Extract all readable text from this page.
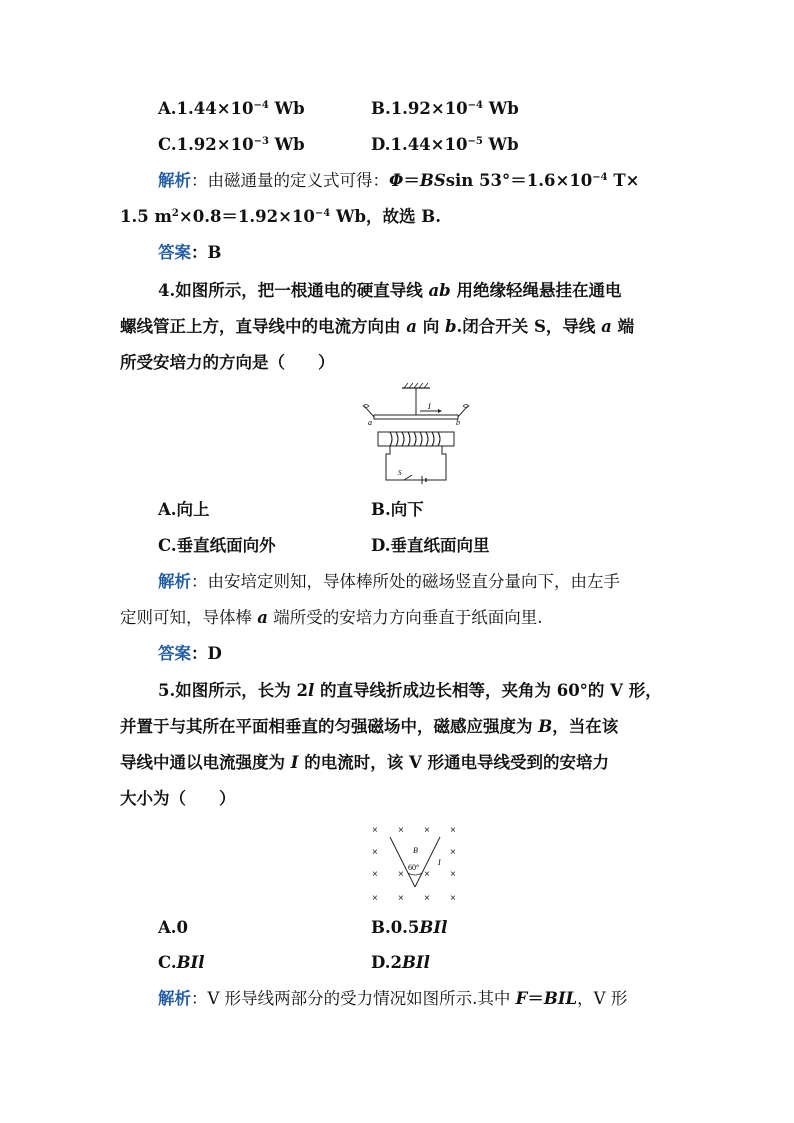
$A.1.44\times 10^{-4}$ Wb	$B.1.92\times 10^{-4}$ Wb
$C.1.92\times 10^{-3}$ Wb	$D.1.44\times 10^{-5}$ Wb
解析：由磁通量的定义式可得：Φ＝BSsin $53^\circ=1.6\times 10^{-4}$ T×
1.5 $m^2\times 0.8=1.92\times 10^{-4}$ Wb，故选 B.
答案：B
4.如图所示，把一根通电的硬直导线 ab 用绝缘轻绳悬挂在通电
螺线管正上方，直导线中的电流方向由 a 向 b.闭合开关 S，导线 a 端
所受安培力的方向是（　　）
a	b
I
S
A.向上	B.向下
C.垂直纸面向外	D.垂直纸面向里
解析：由安培定则知，导体棒所处的磁场竖直分量向下，由左手
定则可知，导体棒 a 端所受的安培力方向垂直于纸面向里.
答案：D
5.如图所示，长为 2l 的直导线折成边长相等，夹角为 60°的 V 形，
并置于与其所在平面相垂直的匀强磁场中，磁感应强度为 B，当在该
导线中通以电流强度为 I 的电流时，该 V 形通电导线受到的安培力
大小为（　　）
× × × ×
×	×
×	×
× × × ×
× ×
B
60°
I
A.0	B.0.5BIl
C.BIl	D.2BIl
解析：V 形导线两部分的受力情况如图所示.其中 F＝BIL，V 形
